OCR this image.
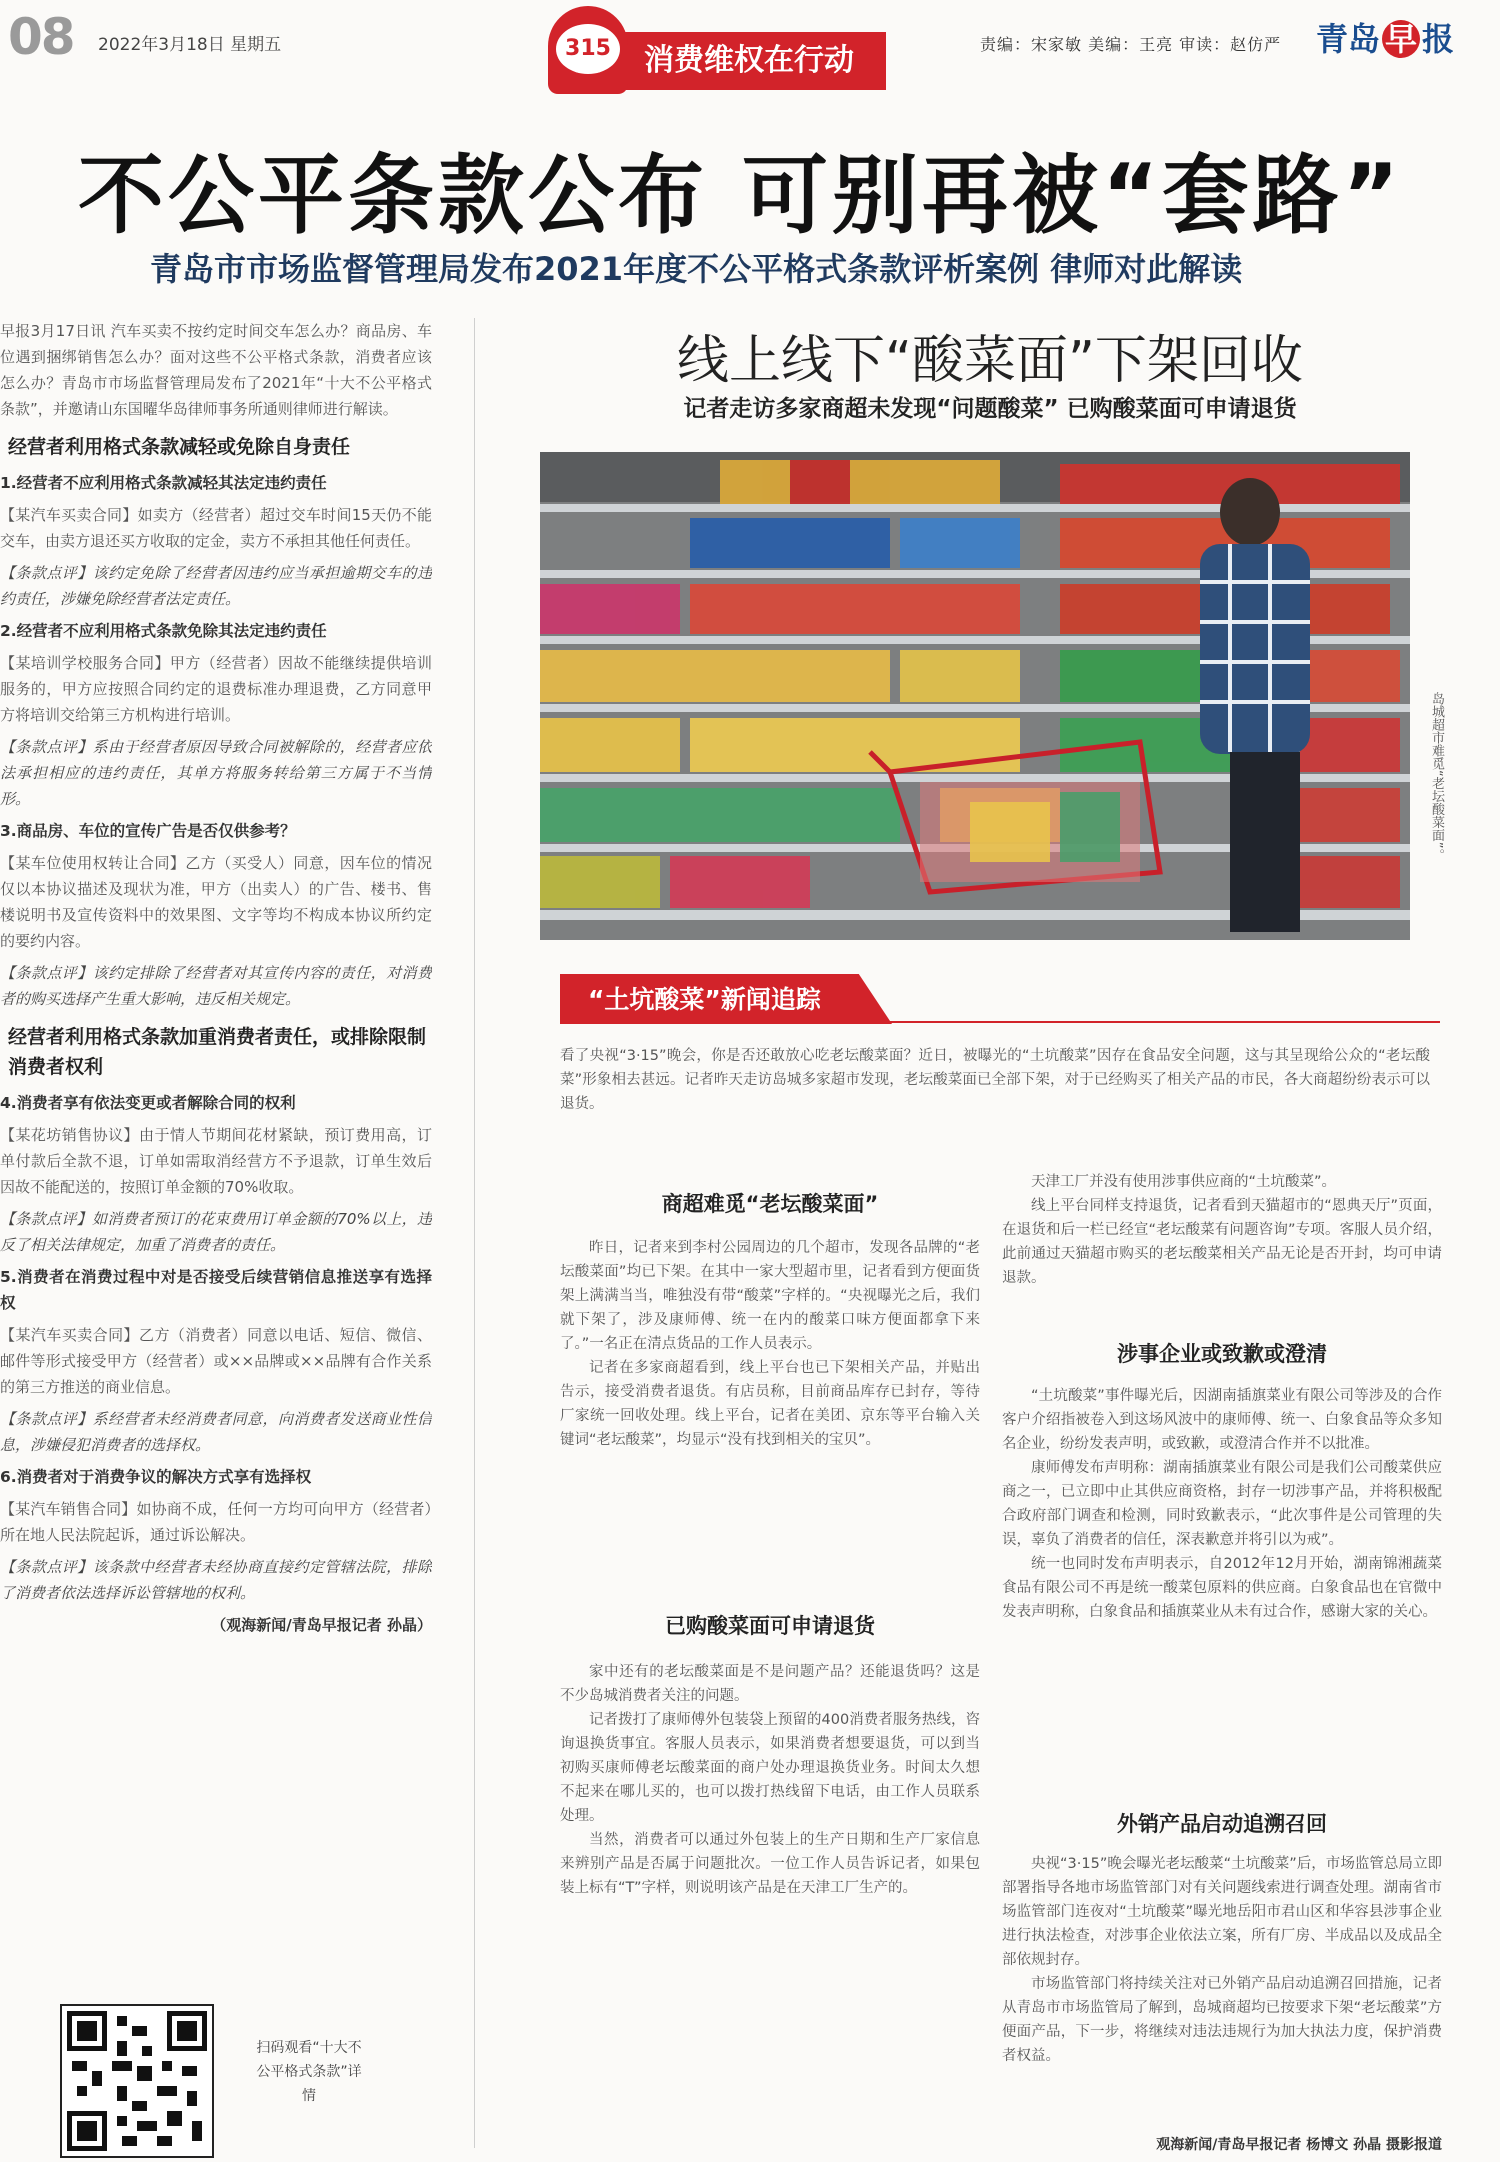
08 2022年3月18日 星期五	消费维权在行动
315	责编：宋家敏 美编：王亮 审读：赵仿严 青岛 早 报
不公平条款公布 可别再被“套路”
青岛市市场监督管理局发布2021年度不公平格式条款评析案例 律师对此解读

早报3月17日讯 汽车买卖不按约定时间交车怎么办？商品房、车位遇到捆绑销售怎么办？面对这些不公平格式条款，消费者应该怎么办？青岛市市场监督管理局发布了2021年“十大不公平格式条款”，并邀请山东国曜华岛律师事务所通则律师进行解读。

经营者利用格式条款减轻或免除自身责任

1.经营者不应利用格式条款减轻其法定违约责任

【某汽车买卖合同】如卖方（经营者）超过交车时间15天仍不能交车，由卖方退还买方收取的定金，卖方不承担其他任何责任。

【条款点评】该约定免除了经营者因违约应当承担逾期交车的违约责任，涉嫌免除经营者法定责任。

2.经营者不应利用格式条款免除其法定违约责任

【某培训学校服务合同】甲方（经营者）因故不能继续提供培训服务的，甲方应按照合同约定的退费标准办理退费，乙方同意甲方将培训交给第三方机构进行培训。

【条款点评】系由于经营者原因导致合同被解除的，经营者应依法承担相应的违约责任，其单方将服务转给第三方属于不当情形。

3.商品房、车位的宣传广告是否仅供参考？

【某车位使用权转让合同】乙方（买受人）同意，因车位的情况仅以本协议描述及现状为准，甲方（出卖人）的广告、楼书、售楼说明书及宣传资料中的效果图、文字等均不构成本协议所约定的要约内容。

【条款点评】该约定排除了经营者对其宣传内容的责任，对消费者的购买选择产生重大影响，违反相关规定。

经营者利用格式条款加重消费者责任，或排除限制消费者权利

4.消费者享有依法变更或者解除合同的权利

【某花坊销售协议】由于情人节期间花材紧缺，预订费用高，订单付款后全款不退，订单如需取消经营方不予退款，订单生效后因故不能配送的，按照订单金额的70%收取。

【条款点评】如消费者预订的花束费用订单金额的70%以上，违反了相关法律规定，加重了消费者的责任。

5.消费者在消费过程中对是否接受后续营销信息推送享有选择权

【某汽车买卖合同】乙方（消费者）同意以电话、短信、微信、邮件等形式接受甲方（经营者）或××品牌或××品牌有合作关系的第三方推送的商业信息。

【条款点评】系经营者未经消费者同意，向消费者发送商业性信息，涉嫌侵犯消费者的选择权。

6.消费者对于消费争议的解决方式享有选择权

【某汽车销售合同】如协商不成，任何一方均可向甲方（经营者）所在地人民法院起诉，通过诉讼解决。

【条款点评】该条款中经营者未经协商直接约定管辖法院，排除了消费者依法选择诉讼管辖地的权利。

（观海新闻/青岛早报记者 孙晶）

扫码观看“十大不公平格式条款”详情
线上线下“酸菜面”下架回收
记者走访多家商超未发现“问题酸菜” 已购酸菜面可申请退货
岛城超市难觅“老坛酸菜面”。
“土坑酸菜”新闻追踪
看了央视“3·15”晚会，你是否还敢放心吃老坛酸菜面？近日，被曝光的“土坑酸菜”因存在食品安全问题，这与其呈现给公众的“老坛酸菜”形象相去甚远。记者昨天走访岛城多家超市发现，老坛酸菜面已全部下架，对于已经购买了相关产品的市民，各大商超纷纷表示可以退货。
商超难觅“老坛酸菜面”

昨日，记者来到李村公园周边的几个超市，发现各品牌的“老坛酸菜面”均已下架。在其中一家大型超市里，记者看到方便面货架上满满当当，唯独没有带“酸菜”字样的。“央视曝光之后，我们就下架了，涉及康师傅、统一在内的酸菜口味方便面都拿下来了。”一名正在清点货品的工作人员表示。

记者在多家商超看到，线上平台也已下架相关产品，并贴出告示，接受消费者退货。有店员称，目前商品库存已封存，等待厂家统一回收处理。线上平台，记者在美团、京东等平台输入关键词“老坛酸菜”，均显示“没有找到相关的宝贝”。

已购酸菜面可申请退货

家中还有的老坛酸菜面是不是问题产品？还能退货吗？这是不少岛城消费者关注的问题。

记者拨打了康师傅外包装袋上预留的400消费者服务热线，咨询退换货事宜。客服人员表示，如果消费者想要退货，可以到当初购买康师傅老坛酸菜面的商户处办理退换货业务。时间太久想不起来在哪儿买的，也可以拨打热线留下电话，由工作人员联系处理。

当然，消费者可以通过外包装上的生产日期和生产厂家信息来辨别产品是否属于问题批次。一位工作人员告诉记者，如果包装上标有“T”字样，则说明该产品是在天津工厂生产的。

天津工厂并没有使用涉事供应商的“土坑酸菜”。

线上平台同样支持退货，记者看到天猫超市的“恩典天厅”页面，在退货和后一栏已经宣“老坛酸菜有问题咨询”专项。客服人员介绍，此前通过天猫超市购买的老坛酸菜相关产品无论是否开封，均可申请退款。

涉事企业或致歉或澄清

“土坑酸菜”事件曝光后，因湖南插旗菜业有限公司等涉及的合作客户介绍指被卷入到这场风波中的康师傅、统一、白象食品等众多知名企业，纷纷发表声明，或致歉，或澄清合作并不以批准。

康师傅发布声明称：湖南插旗菜业有限公司是我们公司酸菜供应商之一，已立即中止其供应商资格，封存一切涉事产品，并将积极配合政府部门调查和检测，同时致歉表示，“此次事件是公司管理的失误，辜负了消费者的信任，深表歉意并将引以为戒”。

统一也同时发布声明表示，自2012年12月开始，湖南锦湘蔬菜食品有限公司不再是统一酸菜包原料的供应商。白象食品也在官微中发表声明称，白象食品和插旗菜业从未有过合作，感谢大家的关心。

外销产品启动追溯召回

央视“3·15”晚会曝光老坛酸菜“土坑酸菜”后，市场监管总局立即部署指导各地市场监管部门对有关问题线索进行调查处理。湖南省市场监管部门连夜对“土坑酸菜”曝光地岳阳市君山区和华容县涉事企业进行执法检查，对涉事企业依法立案，所有厂房、半成品以及成品全部依规封存。

市场监管部门将持续关注对已外销产品启动追溯召回措施，记者从青岛市市场监管局了解到，岛城商超均已按要求下架“老坛酸菜”方便面产品，下一步，将继续对违法违规行为加大执法力度，保护消费者权益。

观海新闻/青岛早报记者 杨博文 孙晶 摄影报道
